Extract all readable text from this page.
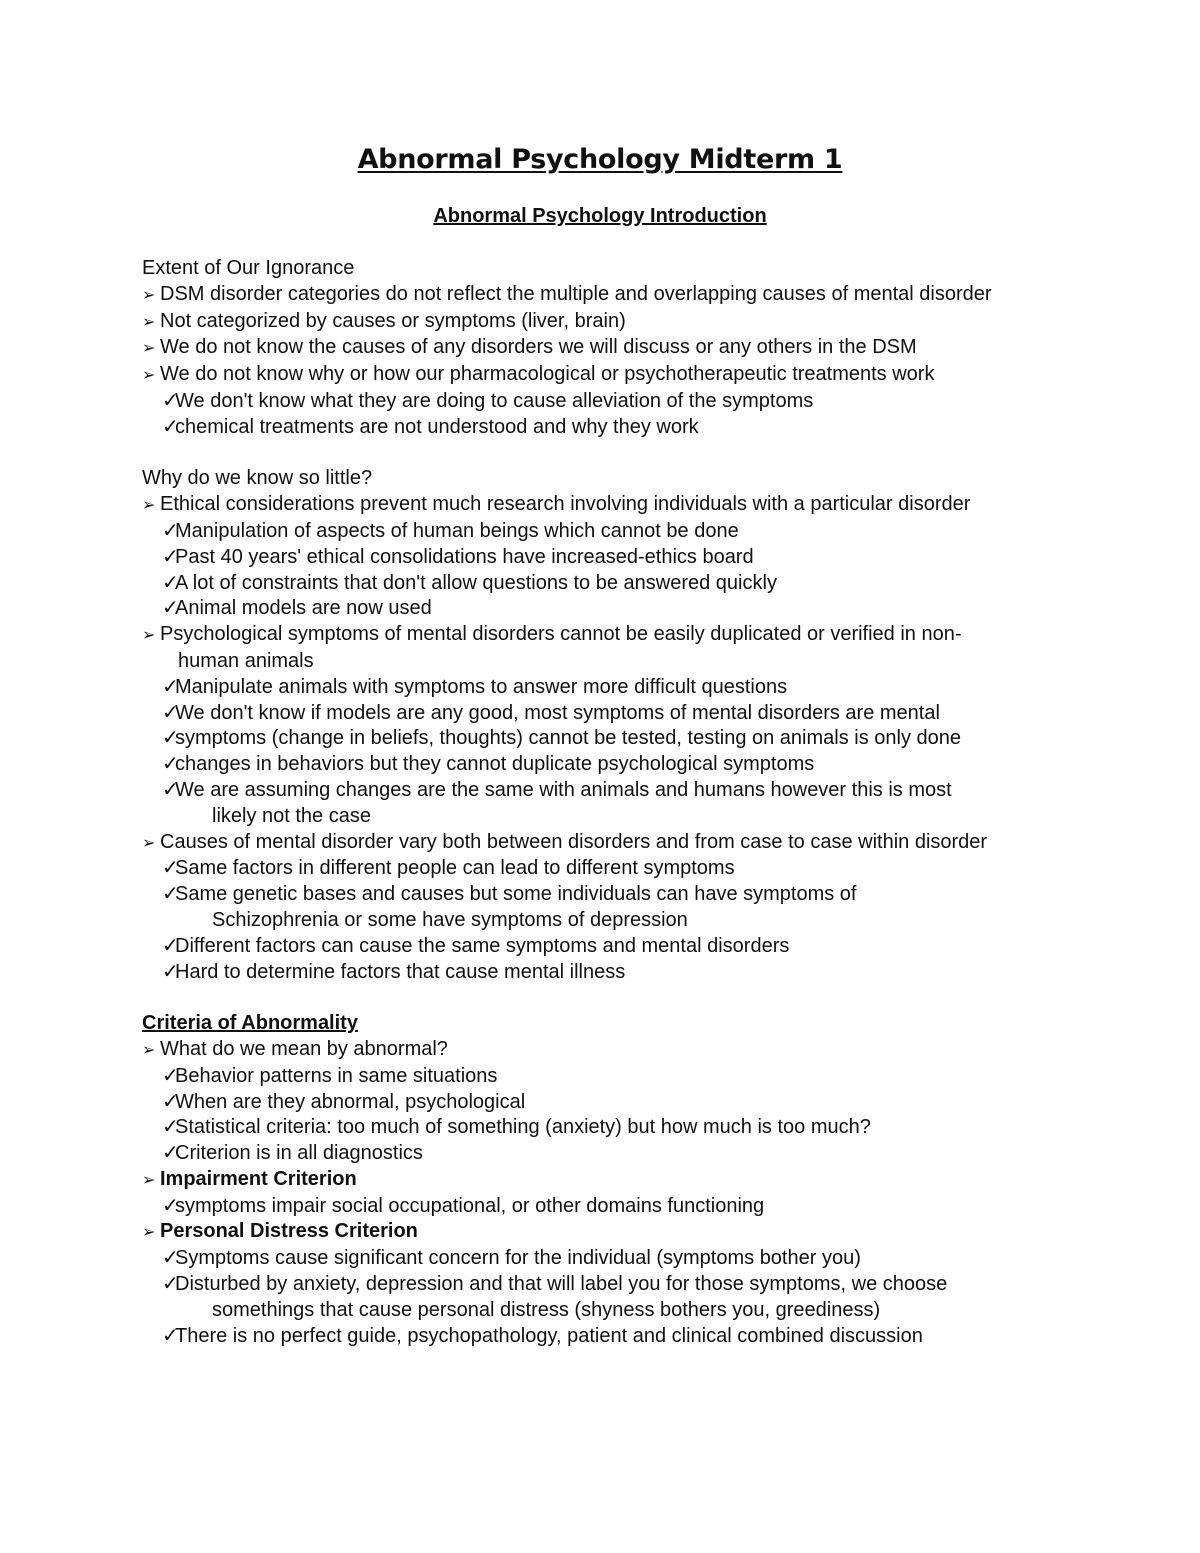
Abnormal Psychology Midterm 1
Abnormal Psychology Introduction
Extent of Our Ignorance
➢ DSM disorder categories do not reflect the multiple and overlapping causes of mental disorder
➢ Not categorized by causes or symptoms (liver, brain)
➢ We do not know the causes of any disorders we will discuss or any others in the DSM
➢ We do not know why or how our pharmacological or psychotherapeutic treatments work
✓We don't know what they are doing to cause alleviation of the symptoms
✓chemical treatments are not understood and why they work
Why do we know so little?
➢ Ethical considerations prevent much research involving individuals with a particular disorder
✓Manipulation of aspects of human beings which cannot be done
✓Past 40 years' ethical consolidations have increased-ethics board
✓A lot of constraints that don't allow questions to be answered quickly
✓Animal models are now used
➢ Psychological symptoms of mental disorders cannot be easily duplicated or verified in non-
human animals
✓Manipulate animals with symptoms to answer more difficult questions
✓We don't know if models are any good, most symptoms of mental disorders are mental
✓symptoms (change in beliefs, thoughts) cannot be tested, testing on animals is only done
✓changes in behaviors but they cannot duplicate psychological symptoms
✓We are assuming changes are the same with animals and humans however this is most
likely not the case
➢ Causes of mental disorder vary both between disorders and from case to case within disorder
✓Same factors in different people can lead to different symptoms
✓Same genetic bases and causes but some individuals can have symptoms of
Schizophrenia or some have symptoms of depression
✓Different factors can cause the same symptoms and mental disorders
✓Hard to determine factors that cause mental illness
Criteria of Abnormality
➢ What do we mean by abnormal?
✓Behavior patterns in same situations
✓When are they abnormal, psychological
✓Statistical criteria: too much of something (anxiety) but how much is too much?
✓Criterion is in all diagnostics
➢ Impairment Criterion
✓symptoms impair social occupational, or other domains functioning
➢ Personal Distress Criterion
✓Symptoms cause significant concern for the individual (symptoms bother you)
✓Disturbed by anxiety, depression and that will label you for those symptoms, we choose
somethings that cause personal distress (shyness bothers you, greediness)
✓There is no perfect guide, psychopathology, patient and clinical combined discussion
